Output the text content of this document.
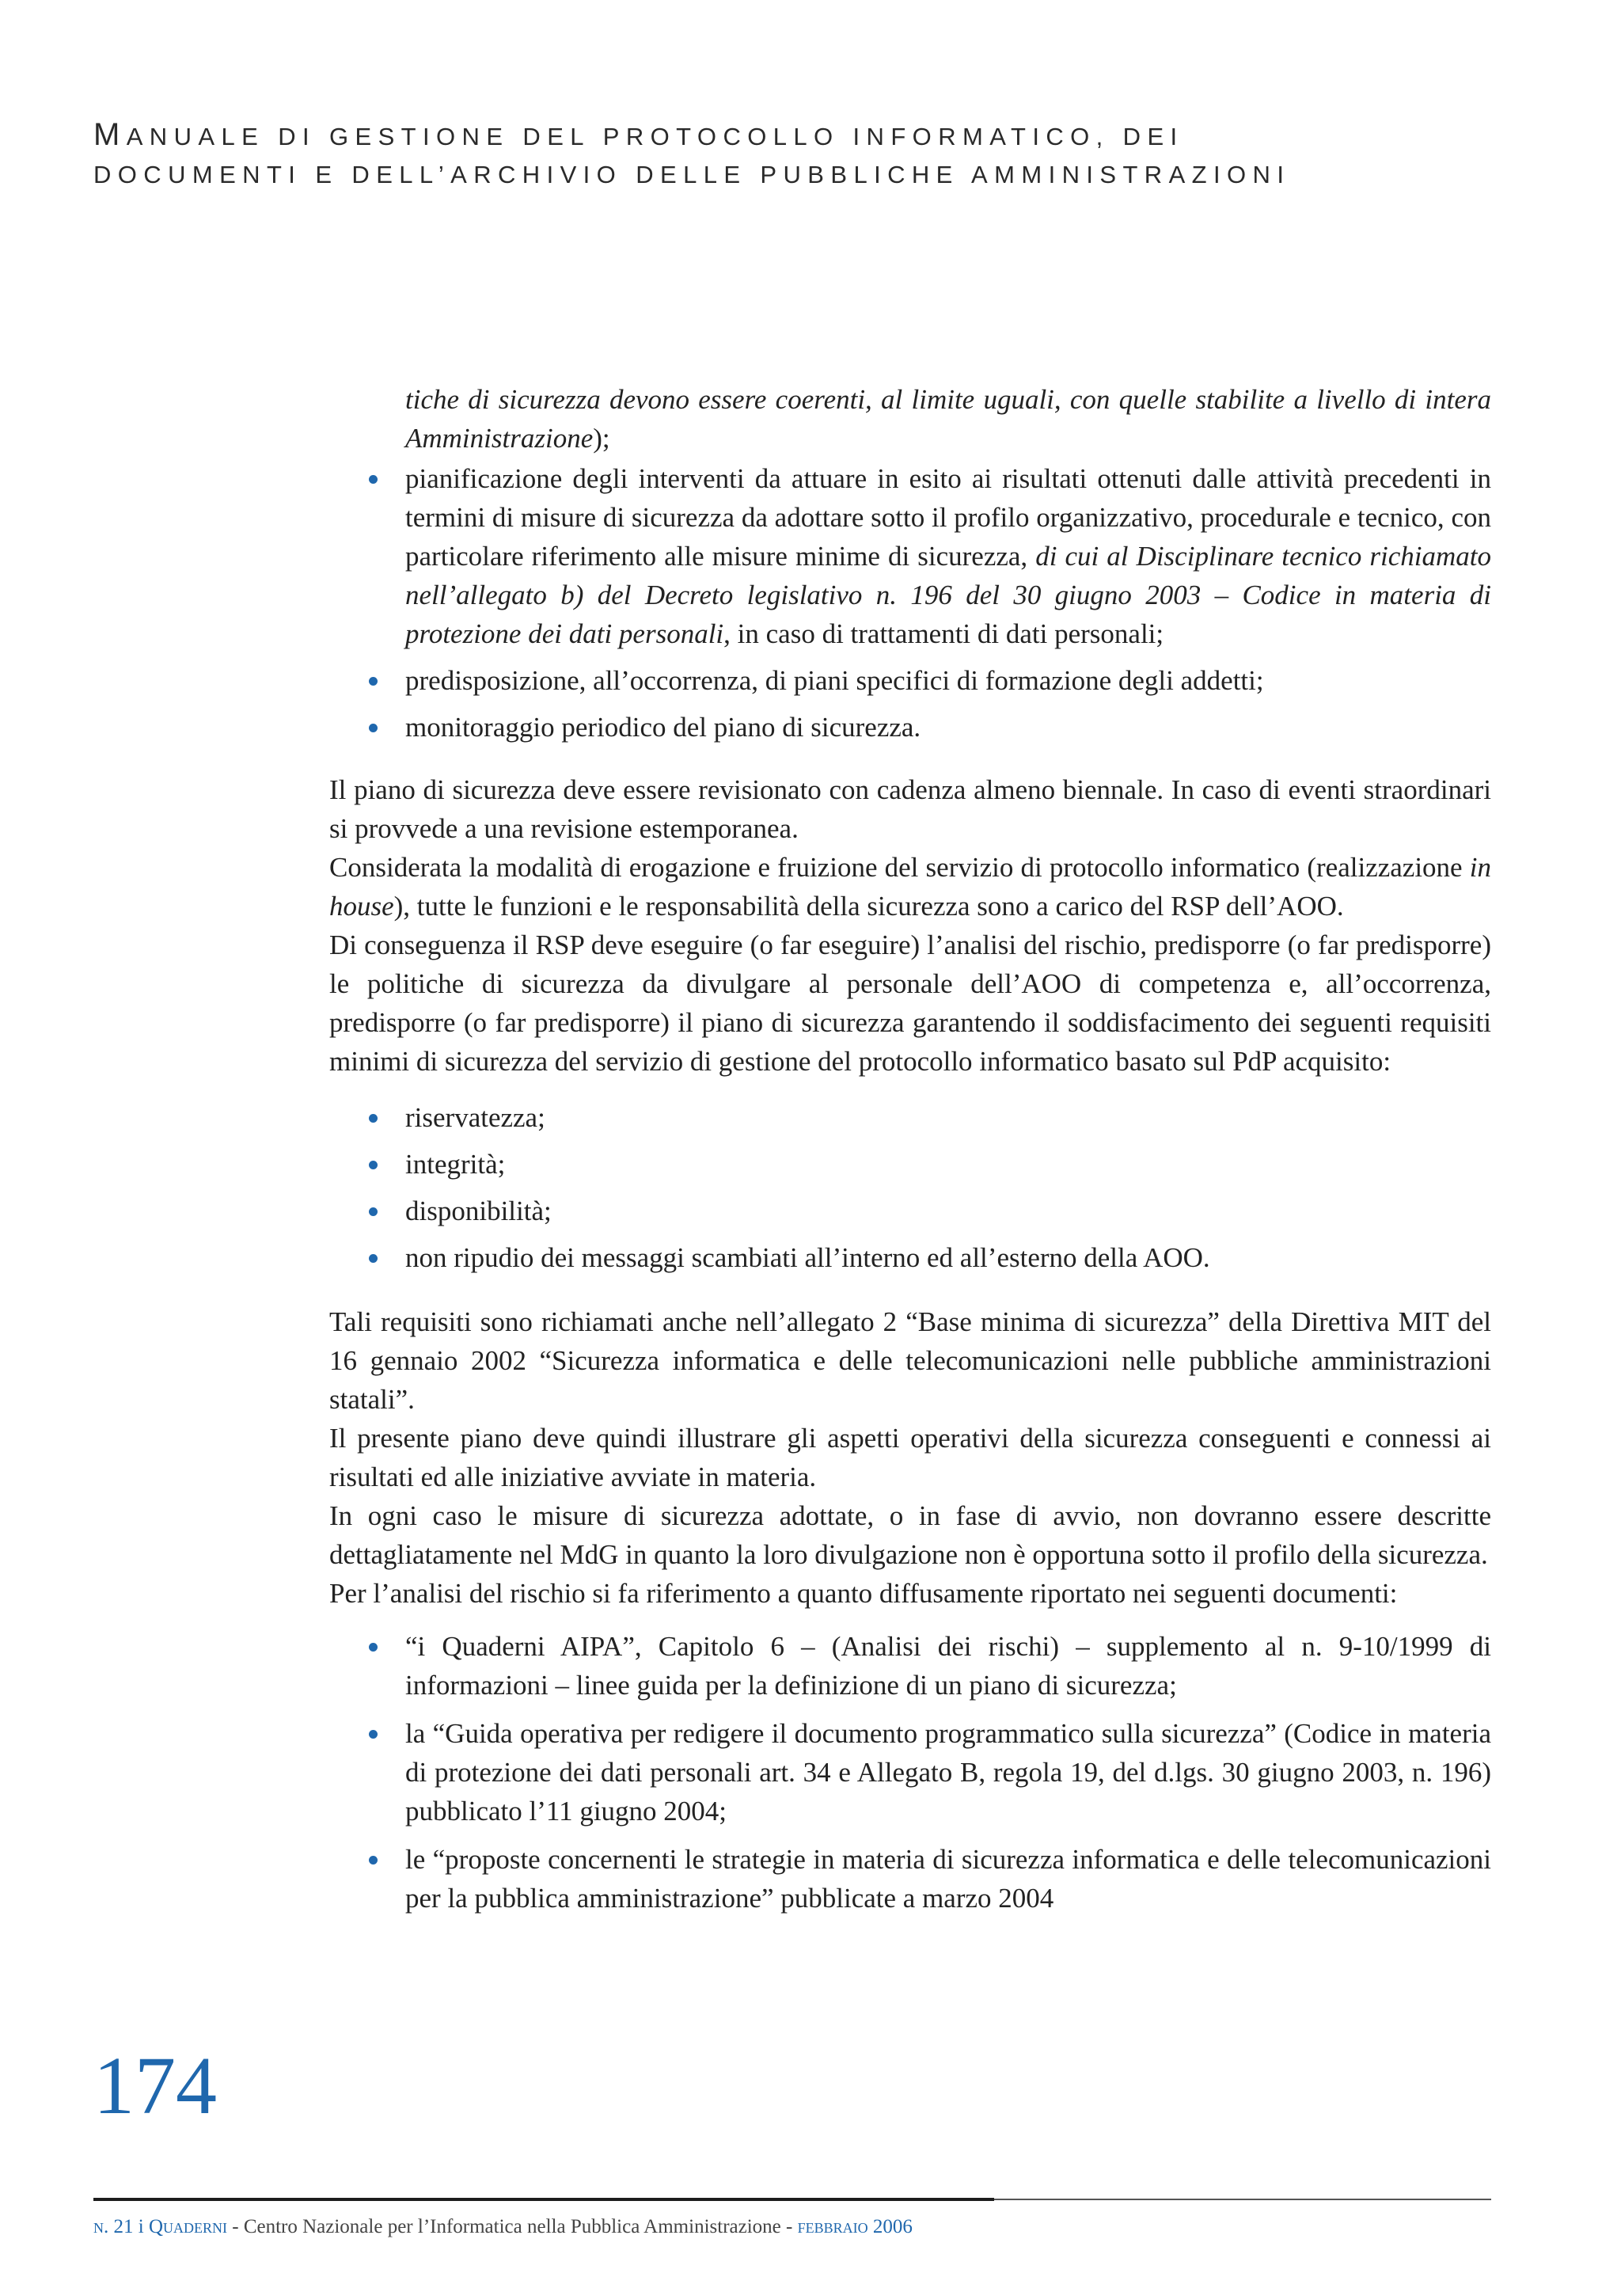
MANUALE DI GESTIONE DEL PROTOCOLLO INFORMATICO, DEI
DOCUMENTI E DELL’ARCHIVIO DELLE PUBBLICHE AMMINISTRAZIONI

tiche di sicurezza devono essere coerenti, al limite uguali, con quelle stabilite a livello di intera Amministrazione);

pianificazione degli interventi da attuare in esito ai risultati ottenuti dalle attività precedenti in termini di misure di sicurezza da adottare sotto il profilo organizzativo, procedurale e tecnico, con particolare riferimento alle misure minime di sicurezza, di cui al Disciplinare tecnico richiamato nell’allegato b) del Decreto legislativo n. 196 del 30 giugno 2003 – Codice in materia di protezione dei dati personali, in caso di trattamenti di dati personali;
predisposizione, all’occorrenza, di piani specifici di formazione degli addetti;
monitoraggio periodico del piano di sicurezza.

Il piano di sicurezza deve essere revisionato con cadenza almeno biennale. In caso di eventi straordinari si provvede a una revisione estemporanea.

Considerata la modalità di erogazione e fruizione del servizio di protocollo informatico (realizzazione in house), tutte le funzioni e le responsabilità della sicurezza sono a carico del RSP dell’AOO.

Di conseguenza il RSP deve eseguire (o far eseguire) l’analisi del rischio, predisporre (o far predisporre) le politiche di sicurezza da divulgare al personale dell’AOO di competenza e, all’occorrenza, predisporre (o far predisporre) il piano di sicurezza garantendo il soddisfacimento dei seguenti requisiti minimi di sicurezza del servizio di gestione del protocollo informatico basato sul PdP acquisito:

riservatezza;
integrità;
disponibilità;
non ripudio dei messaggi scambiati all’interno ed all’esterno della AOO.

Tali requisiti sono richiamati anche nell’allegato 2 “Base minima di sicurezza” della Direttiva MIT del 16 gennaio 2002 “Sicurezza informatica e delle telecomunicazioni nelle pubbliche amministrazioni statali”.

Il presente piano deve quindi illustrare gli aspetti operativi della sicurezza conseguenti e connessi ai risultati ed alle iniziative avviate in materia.

In ogni caso le misure di sicurezza adottate, o in fase di avvio, non dovranno essere descritte dettagliatamente nel MdG in quanto la loro divulgazione non è opportuna sotto il profilo della sicurezza.

Per l’analisi del rischio si fa riferimento a quanto diffusamente riportato nei seguenti documenti:

“i Quaderni AIPA”, Capitolo 6 – (Analisi dei rischi) – supplemento al n. 9-10/1999 di informazioni – linee guida per la definizione di un piano di sicurezza;
la “Guida operativa per redigere il documento programmatico sulla sicurezza” (Codice in materia di protezione dei dati personali art. 34 e Allegato B, regola 19, del d.lgs. 30 giugno 2003, n. 196) pubblicato l’11 giugno 2004;
le “proposte concernenti le strategie in materia di sicurezza informatica e delle telecomunicazioni per la pubblica amministrazione” pubblicate a marzo 2004
174
n. 21 i Quaderni - Centro Nazionale per l’Informatica nella Pubblica Amministrazione - febbraio 2006
